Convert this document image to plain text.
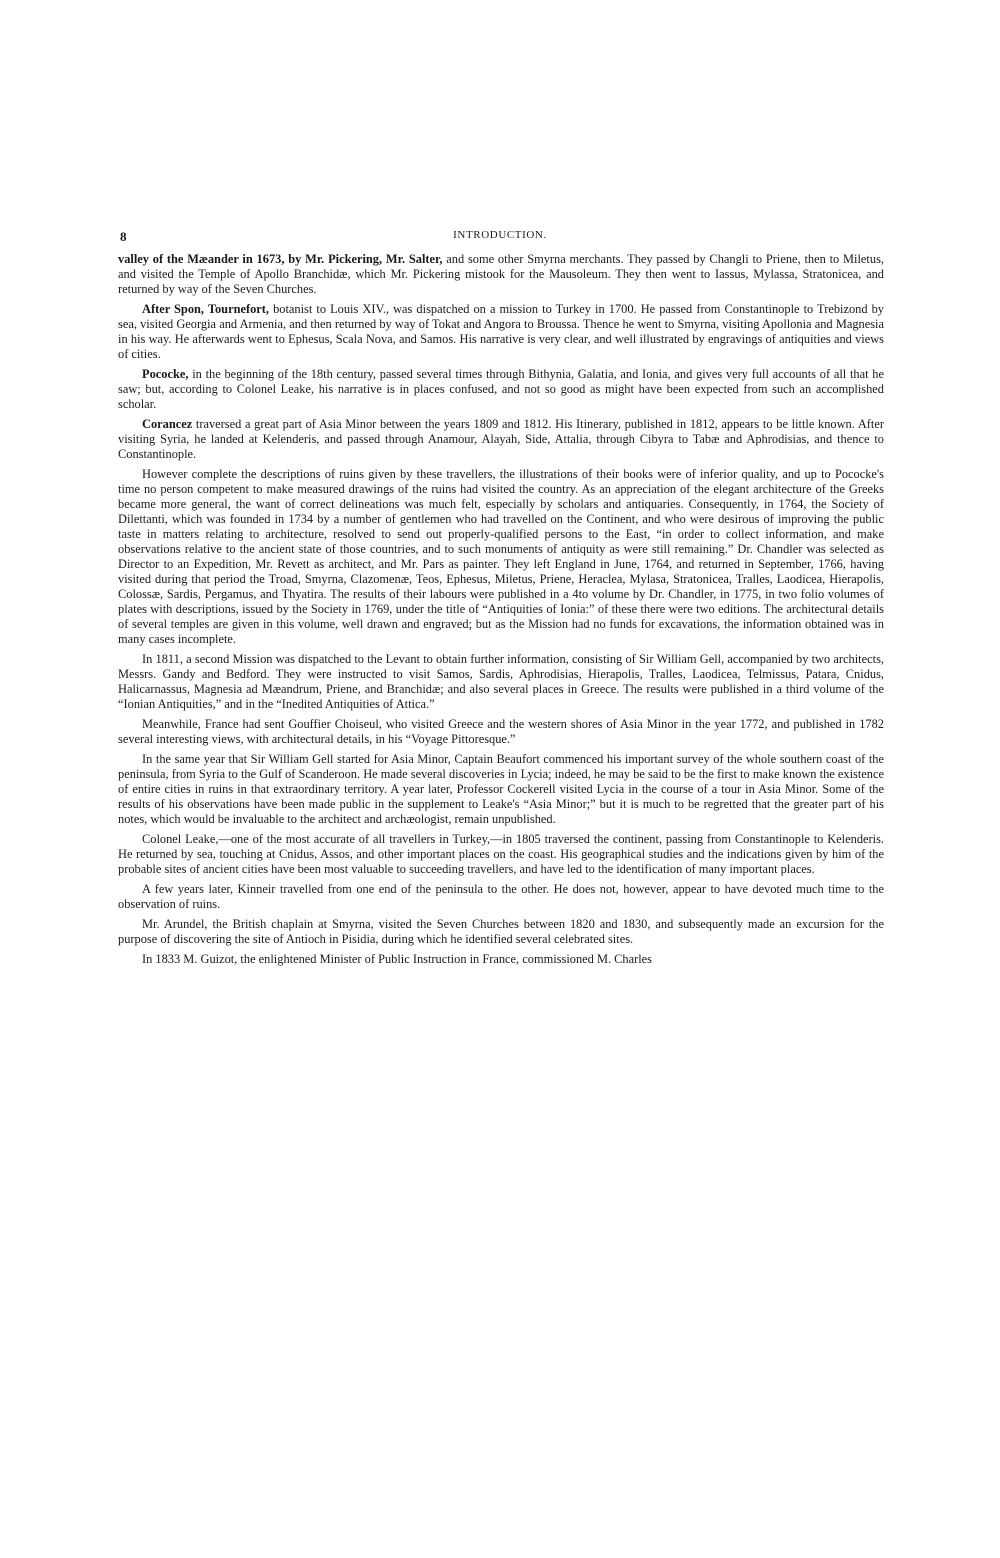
8	INTRODUCTION.

valley of the Mæander in 1673, by Mr. Pickering, Mr. Salter, and some other Smyrna merchants. They passed by Changli to Priene, then to Miletus, and visited the Temple of Apollo Branchidæ, which Mr. Pickering mistook for the Mausoleum. They then went to Iassus, Mylassa, Stratonicea, and returned by way of the Seven Churches.

After Spon, Tournefort, botanist to Louis XIV., was dispatched on a mission to Turkey in 1700. He passed from Constantinople to Trebizond by sea, visited Georgia and Armenia, and then returned by way of Tokat and Angora to Broussa. Thence he went to Smyrna, visiting Apollonia and Magnesia in his way. He afterwards went to Ephesus, Scala Nova, and Samos. His narrative is very clear, and well illustrated by engravings of antiquities and views of cities.

Pococke, in the beginning of the 18th century, passed several times through Bithynia, Galatia, and Ionia, and gives very full accounts of all that he saw; but, according to Colonel Leake, his narrative is in places confused, and not so good as might have been expected from such an accomplished scholar.

Corancez traversed a great part of Asia Minor between the years 1809 and 1812. His Itinerary, published in 1812, appears to be little known. After visiting Syria, he landed at Kelenderis, and passed through Anamour, Alayah, Side, Attalia, through Cibyra to Tabæ and Aphrodisias, and thence to Constantinople.

However complete the descriptions of ruins given by these travellers, the illustrations of their books were of inferior quality, and up to Pococke's time no person competent to make measured drawings of the ruins had visited the country. As an appreciation of the elegant architecture of the Greeks became more general, the want of correct delineations was much felt, especially by scholars and antiquaries. Consequently, in 1764, the Society of Dilettanti, which was founded in 1734 by a number of gentlemen who had travelled on the Continent, and who were desirous of improving the public taste in matters relating to architecture, resolved to send out properly-qualified persons to the East, “in order to collect information, and make observations relative to the ancient state of those countries, and to such monuments of antiquity as were still remaining.” Dr. Chandler was selected as Director to an Expedition, Mr. Revett as architect, and Mr. Pars as painter. They left England in June, 1764, and returned in September, 1766, having visited during that period the Troad, Smyrna, Clazomenæ, Teos, Ephesus, Miletus, Priene, Heraclea, Mylasa, Stratonicea, Tralles, Laodicea, Hierapolis, Colossæ, Sardis, Pergamus, and Thyatira. The results of their labours were published in a 4to volume by Dr. Chandler, in 1775, in two folio volumes of plates with descriptions, issued by the Society in 1769, under the title of “Antiquities of Ionia:” of these there were two editions. The architectural details of several temples are given in this volume, well drawn and engraved; but as the Mission had no funds for excavations, the information obtained was in many cases incomplete.

In 1811, a second Mission was dispatched to the Levant to obtain further information, consisting of Sir William Gell, accompanied by two architects, Messrs. Gandy and Bedford. They were instructed to visit Samos, Sardis, Aphrodisias, Hierapolis, Tralles, Laodicea, Telmissus, Patara, Cnidus, Halicarnassus, Magnesia ad Mæandrum, Priene, and Branchidæ; and also several places in Greece. The results were published in a third volume of the “Ionian Antiquities,” and in the “Inedited Antiquities of Attica.”

Meanwhile, France had sent Gouffier Choiseul, who visited Greece and the western shores of Asia Minor in the year 1772, and published in 1782 several interesting views, with architectural details, in his “Voyage Pittoresque.”

In the same year that Sir William Gell started for Asia Minor, Captain Beaufort commenced his important survey of the whole southern coast of the peninsula, from Syria to the Gulf of Scanderoon. He made several discoveries in Lycia; indeed, he may be said to be the first to make known the existence of entire cities in ruins in that extraordinary territory. A year later, Professor Cockerell visited Lycia in the course of a tour in Asia Minor. Some of the results of his observations have been made public in the supplement to Leake's “Asia Minor;” but it is much to be regretted that the greater part of his notes, which would be invaluable to the architect and archæologist, remain unpublished.

Colonel Leake,—one of the most accurate of all travellers in Turkey,—in 1805 traversed the continent, passing from Constantinople to Kelenderis. He returned by sea, touching at Cnidus, Assos, and other important places on the coast. His geographical studies and the indications given by him of the probable sites of ancient cities have been most valuable to succeeding travellers, and have led to the identification of many important places.

A few years later, Kinneir travelled from one end of the peninsula to the other. He does not, however, appear to have devoted much time to the observation of ruins.

Mr. Arundel, the British chaplain at Smyrna, visited the Seven Churches between 1820 and 1830, and subsequently made an excursion for the purpose of discovering the site of Antioch in Pisidia, during which he identified several celebrated sites.

In 1833 M. Guizot, the enlightened Minister of Public Instruction in France, commissioned M. Charles
